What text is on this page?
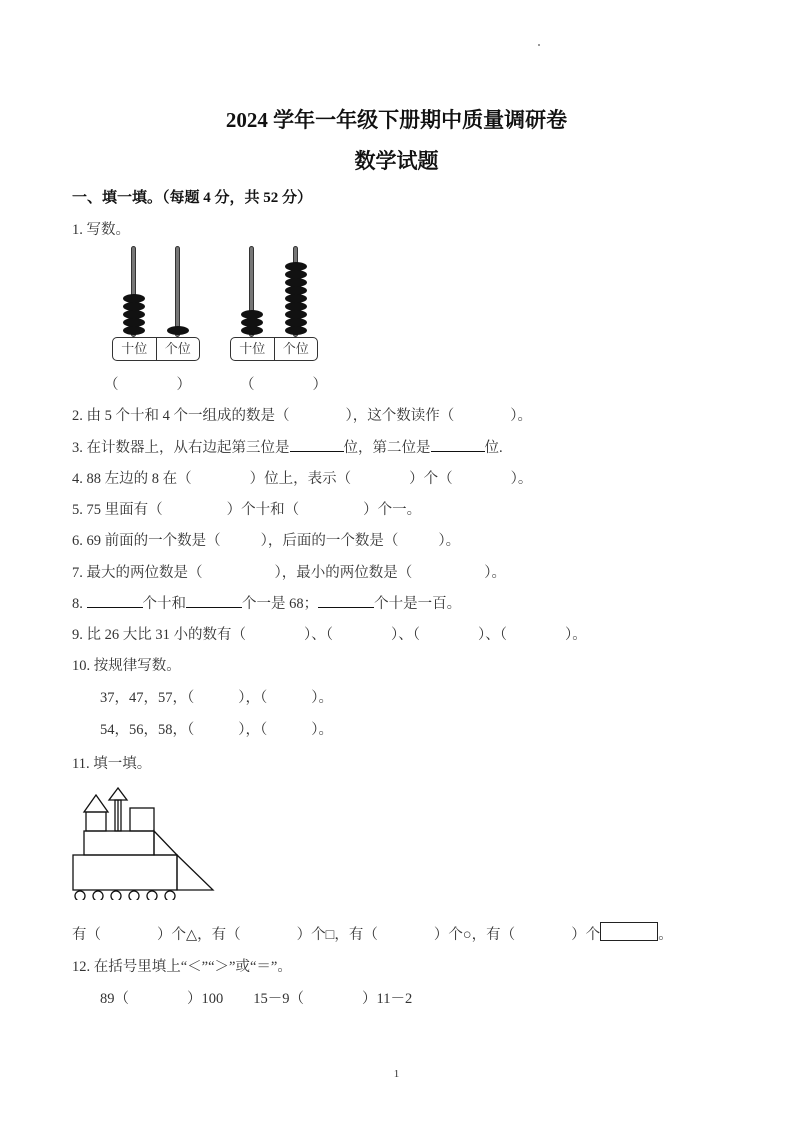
2024 学年一年级下册期中质量调研卷
数学试题
一、填一填。（每题 4 分，共 52 分）
1. 写数。
十位	个位	十位	个位
（	）	（	）
2. 由 5 个十和 4 个一组成的数是（	），这个数读作（	）。
3. 在计数器上，从右边起第三位是	位，第二位是	位.
4. 88 左边的 8 在（	）位上，表示（	）个（	）。
5. 75 里面有（	）个十和（	）个一。
6. 69 前面的一个数是（	），后面的一个数是（	）。
7. 最大的两位数是（	），最小的两位数是（	）。
8.	个十和	个一是 68；	个十是一百。
9. 比 26 大比 31 小的数有（	）、（	）、（	）、（	）。
10. 按规律写数。
37，47，57，（	），（	）。
54，56，58，（	），（	）。
11. 填一填。
有（	）个△，有（	）个□，有（	）个○，有（	）个	。
12. 在括号里填上“＜”“＞”或“＝”。
89（	）100 15－9（	）11－2
1
